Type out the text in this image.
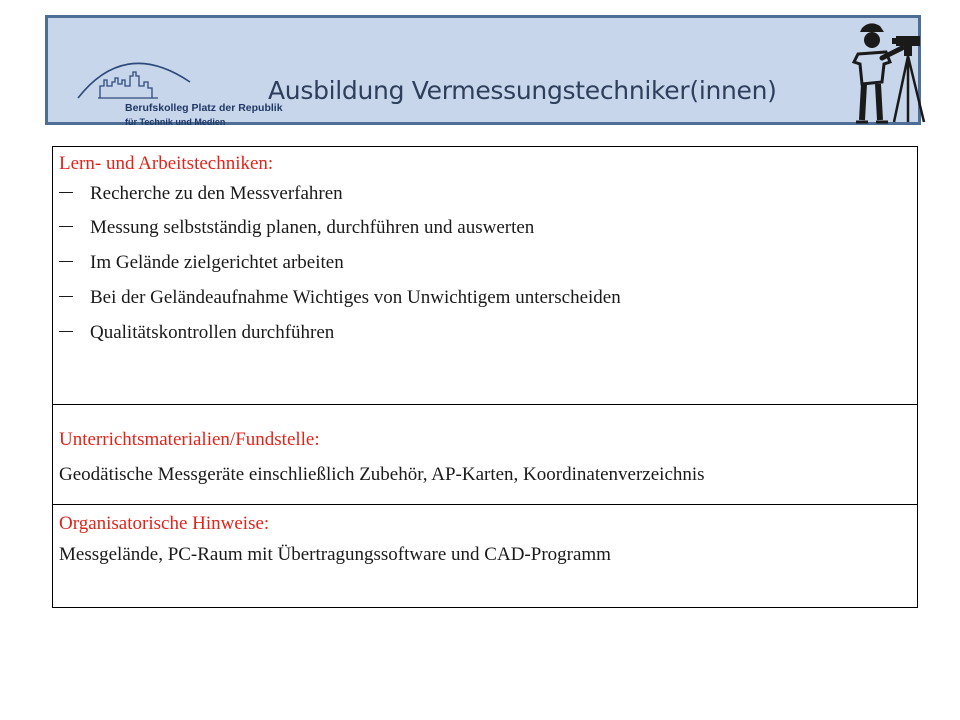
Berufskolleg Platz der Republik
für Technik und Medien
Ausbildung Vermessungstechniker(innen)
Lern- und Arbeitstechniken:
Recherche zu den Messverfahren
Messung selbstständig planen, durchführen und auswerten
Im Gelände zielgerichtet arbeiten
Bei der Geländeaufnahme Wichtiges von Unwichtigem unterscheiden
Qualitätskontrollen durchführen
Unterrichtsmaterialien/Fundstelle:
Geodätische Messgeräte einschließlich Zubehör, AP-Karten, Koordinatenverzeichnis
Organisatorische Hinweise:
Messgelände, PC-Raum mit Übertragungssoftware und CAD-Programm
